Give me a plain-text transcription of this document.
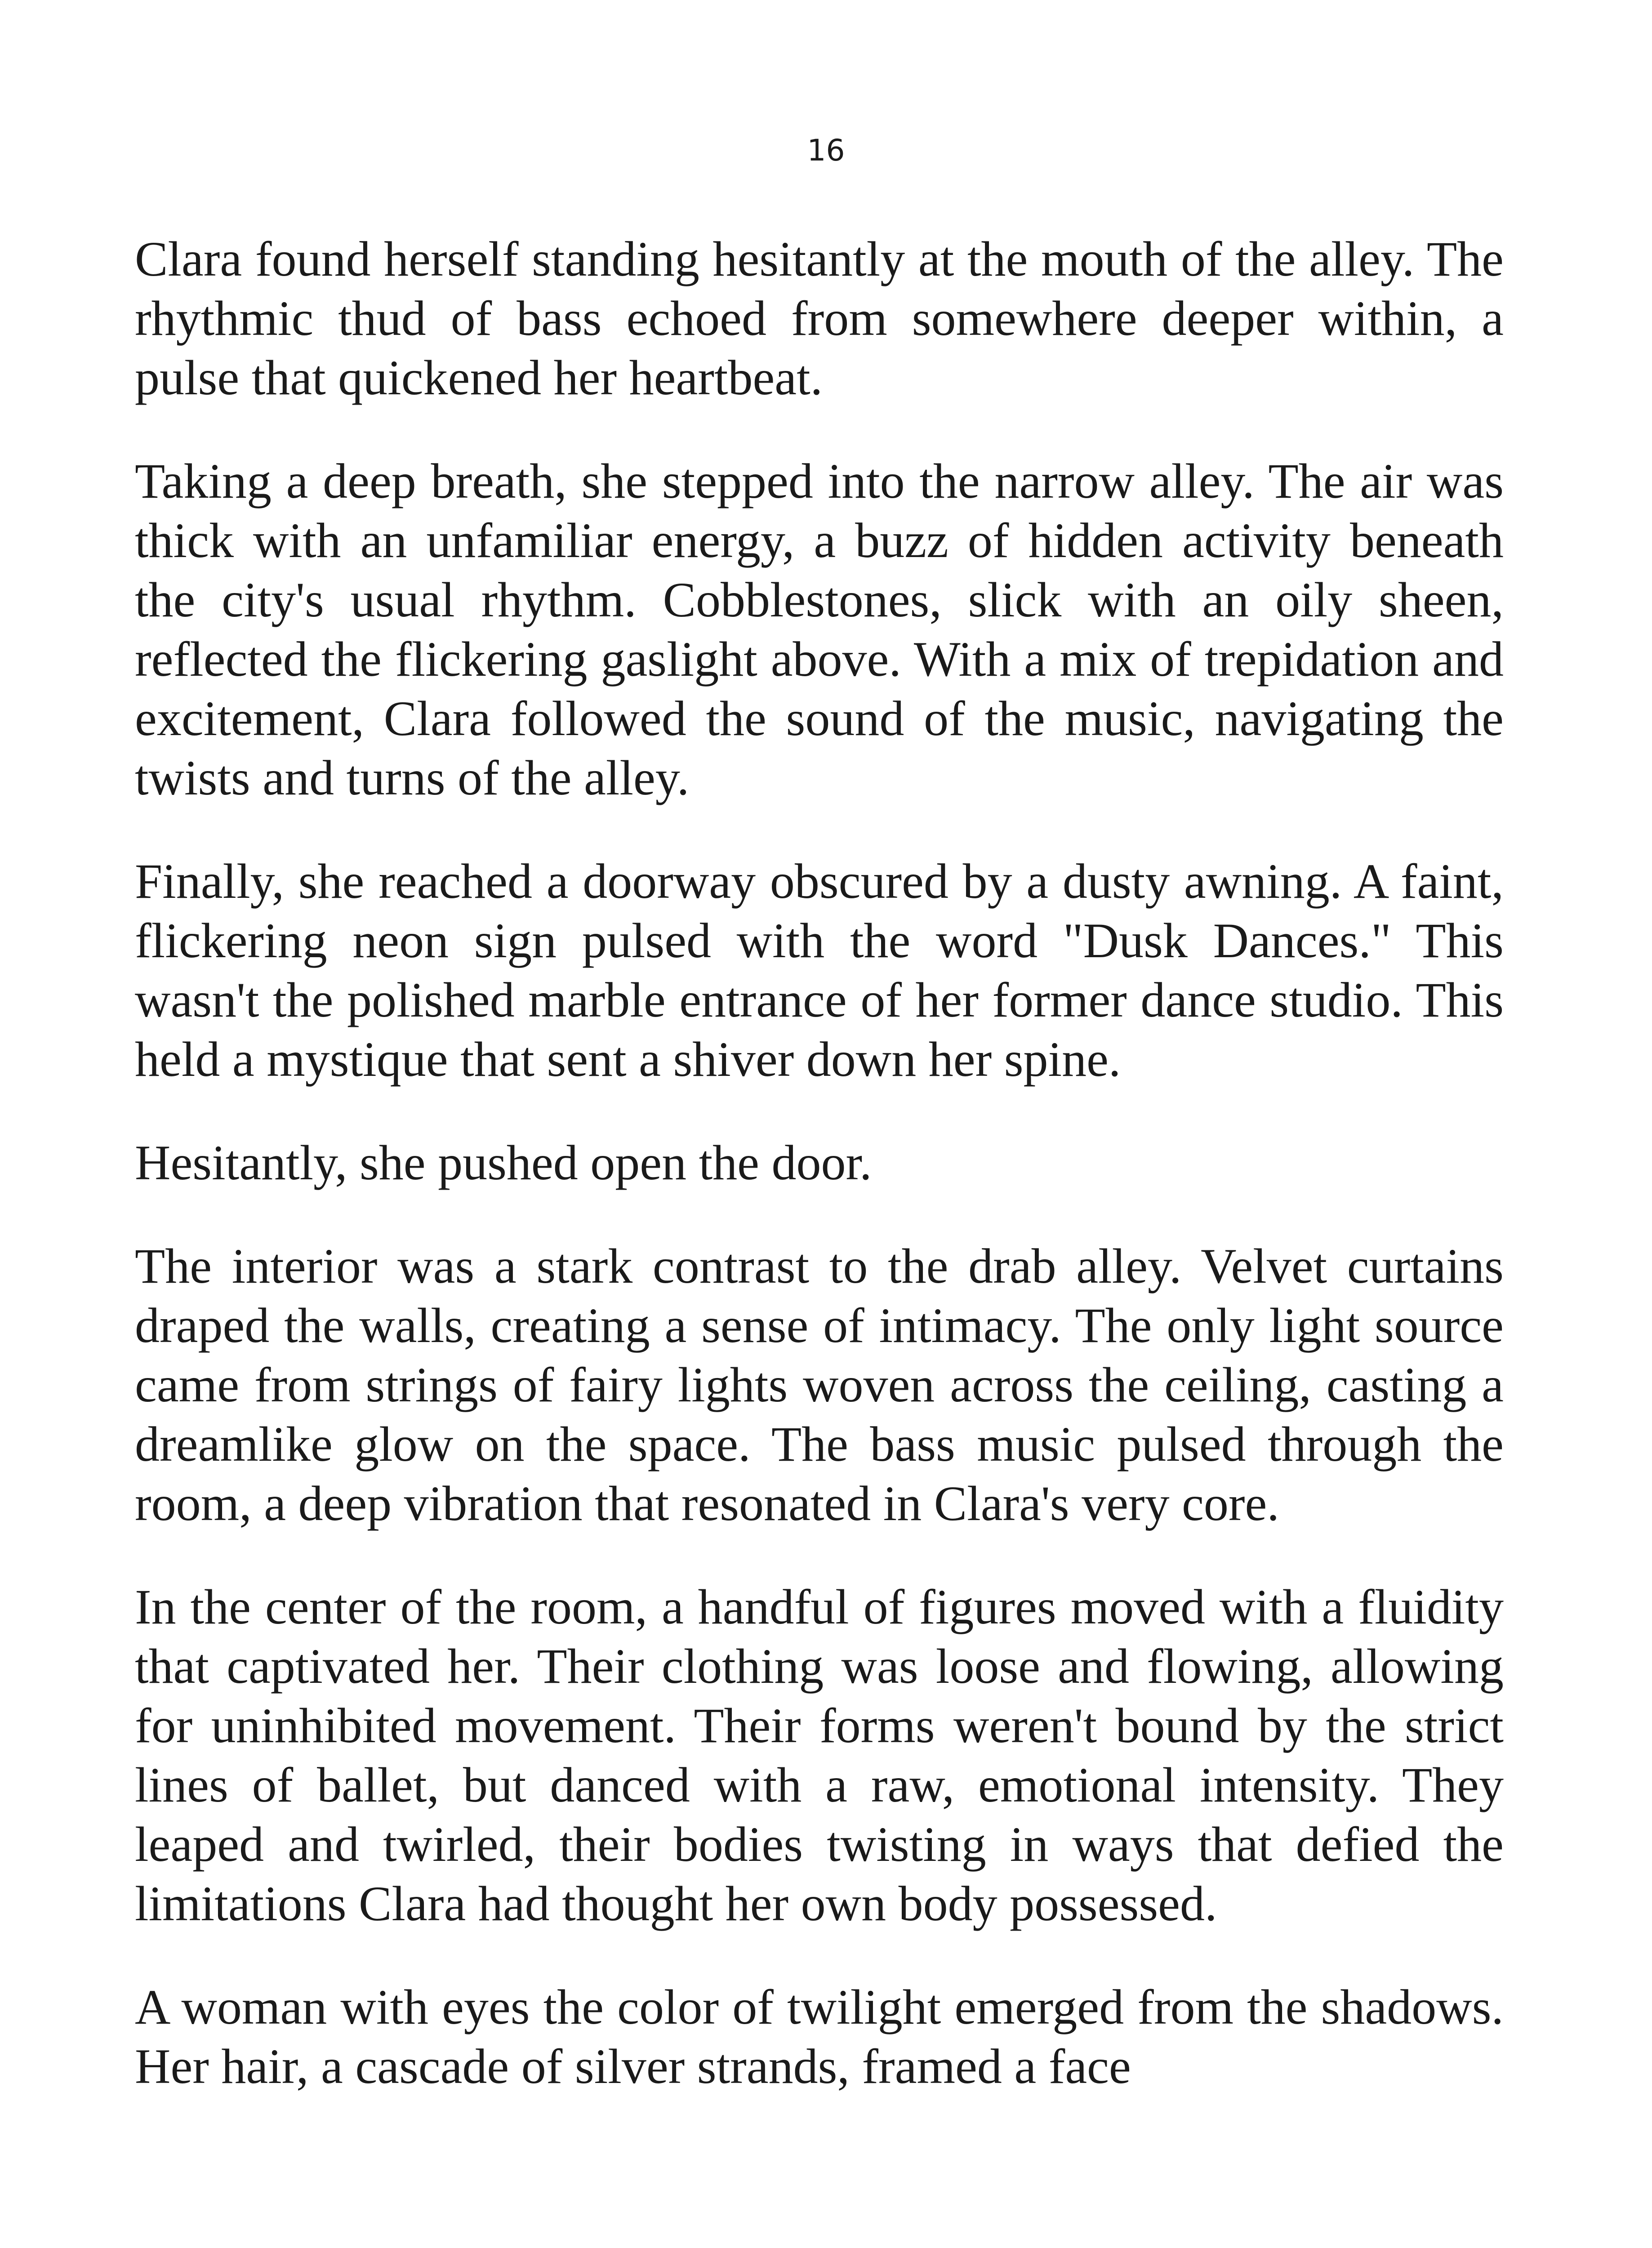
16

Clara found herself standing hesitantly at the mouth of the alley. The rhythmic thud of bass echoed from somewhere deeper within, a pulse that quickened her heartbeat.

Taking a deep breath, she stepped into the narrow alley. The air was thick with an unfamiliar energy, a buzz of hidden activity beneath the city's usual rhythm. Cobblestones, slick with an oily sheen, reflected the flickering gaslight above. With a mix of trepidation and excitement, Clara followed the sound of the music, navigating the twists and turns of the alley.

Finally, she reached a doorway obscured by a dusty awning. A faint, flickering neon sign pulsed with the word "Dusk Dances." This wasn't the polished marble entrance of her former dance studio. This held a mystique that sent a shiver down her spine.

Hesitantly, she pushed open the door.

The interior was a stark contrast to the drab alley. Velvet curtains draped the walls, creating a sense of intimacy. The only light source came from strings of fairy lights woven across the ceiling, casting a dreamlike glow on the space. The bass music pulsed through the room, a deep vibration that resonated in Clara's very core.

In the center of the room, a handful of figures moved with a fluidity that captivated her. Their clothing was loose and flowing, allowing for uninhibited movement. Their forms weren't bound by the strict lines of ballet, but danced with a raw, emotional intensity. They leaped and twirled, their bodies twisting in ways that defied the limitations Clara had thought her own body possessed.

A woman with eyes the color of twilight emerged from the shadows. Her hair, a cascade of silver strands, framed a face
